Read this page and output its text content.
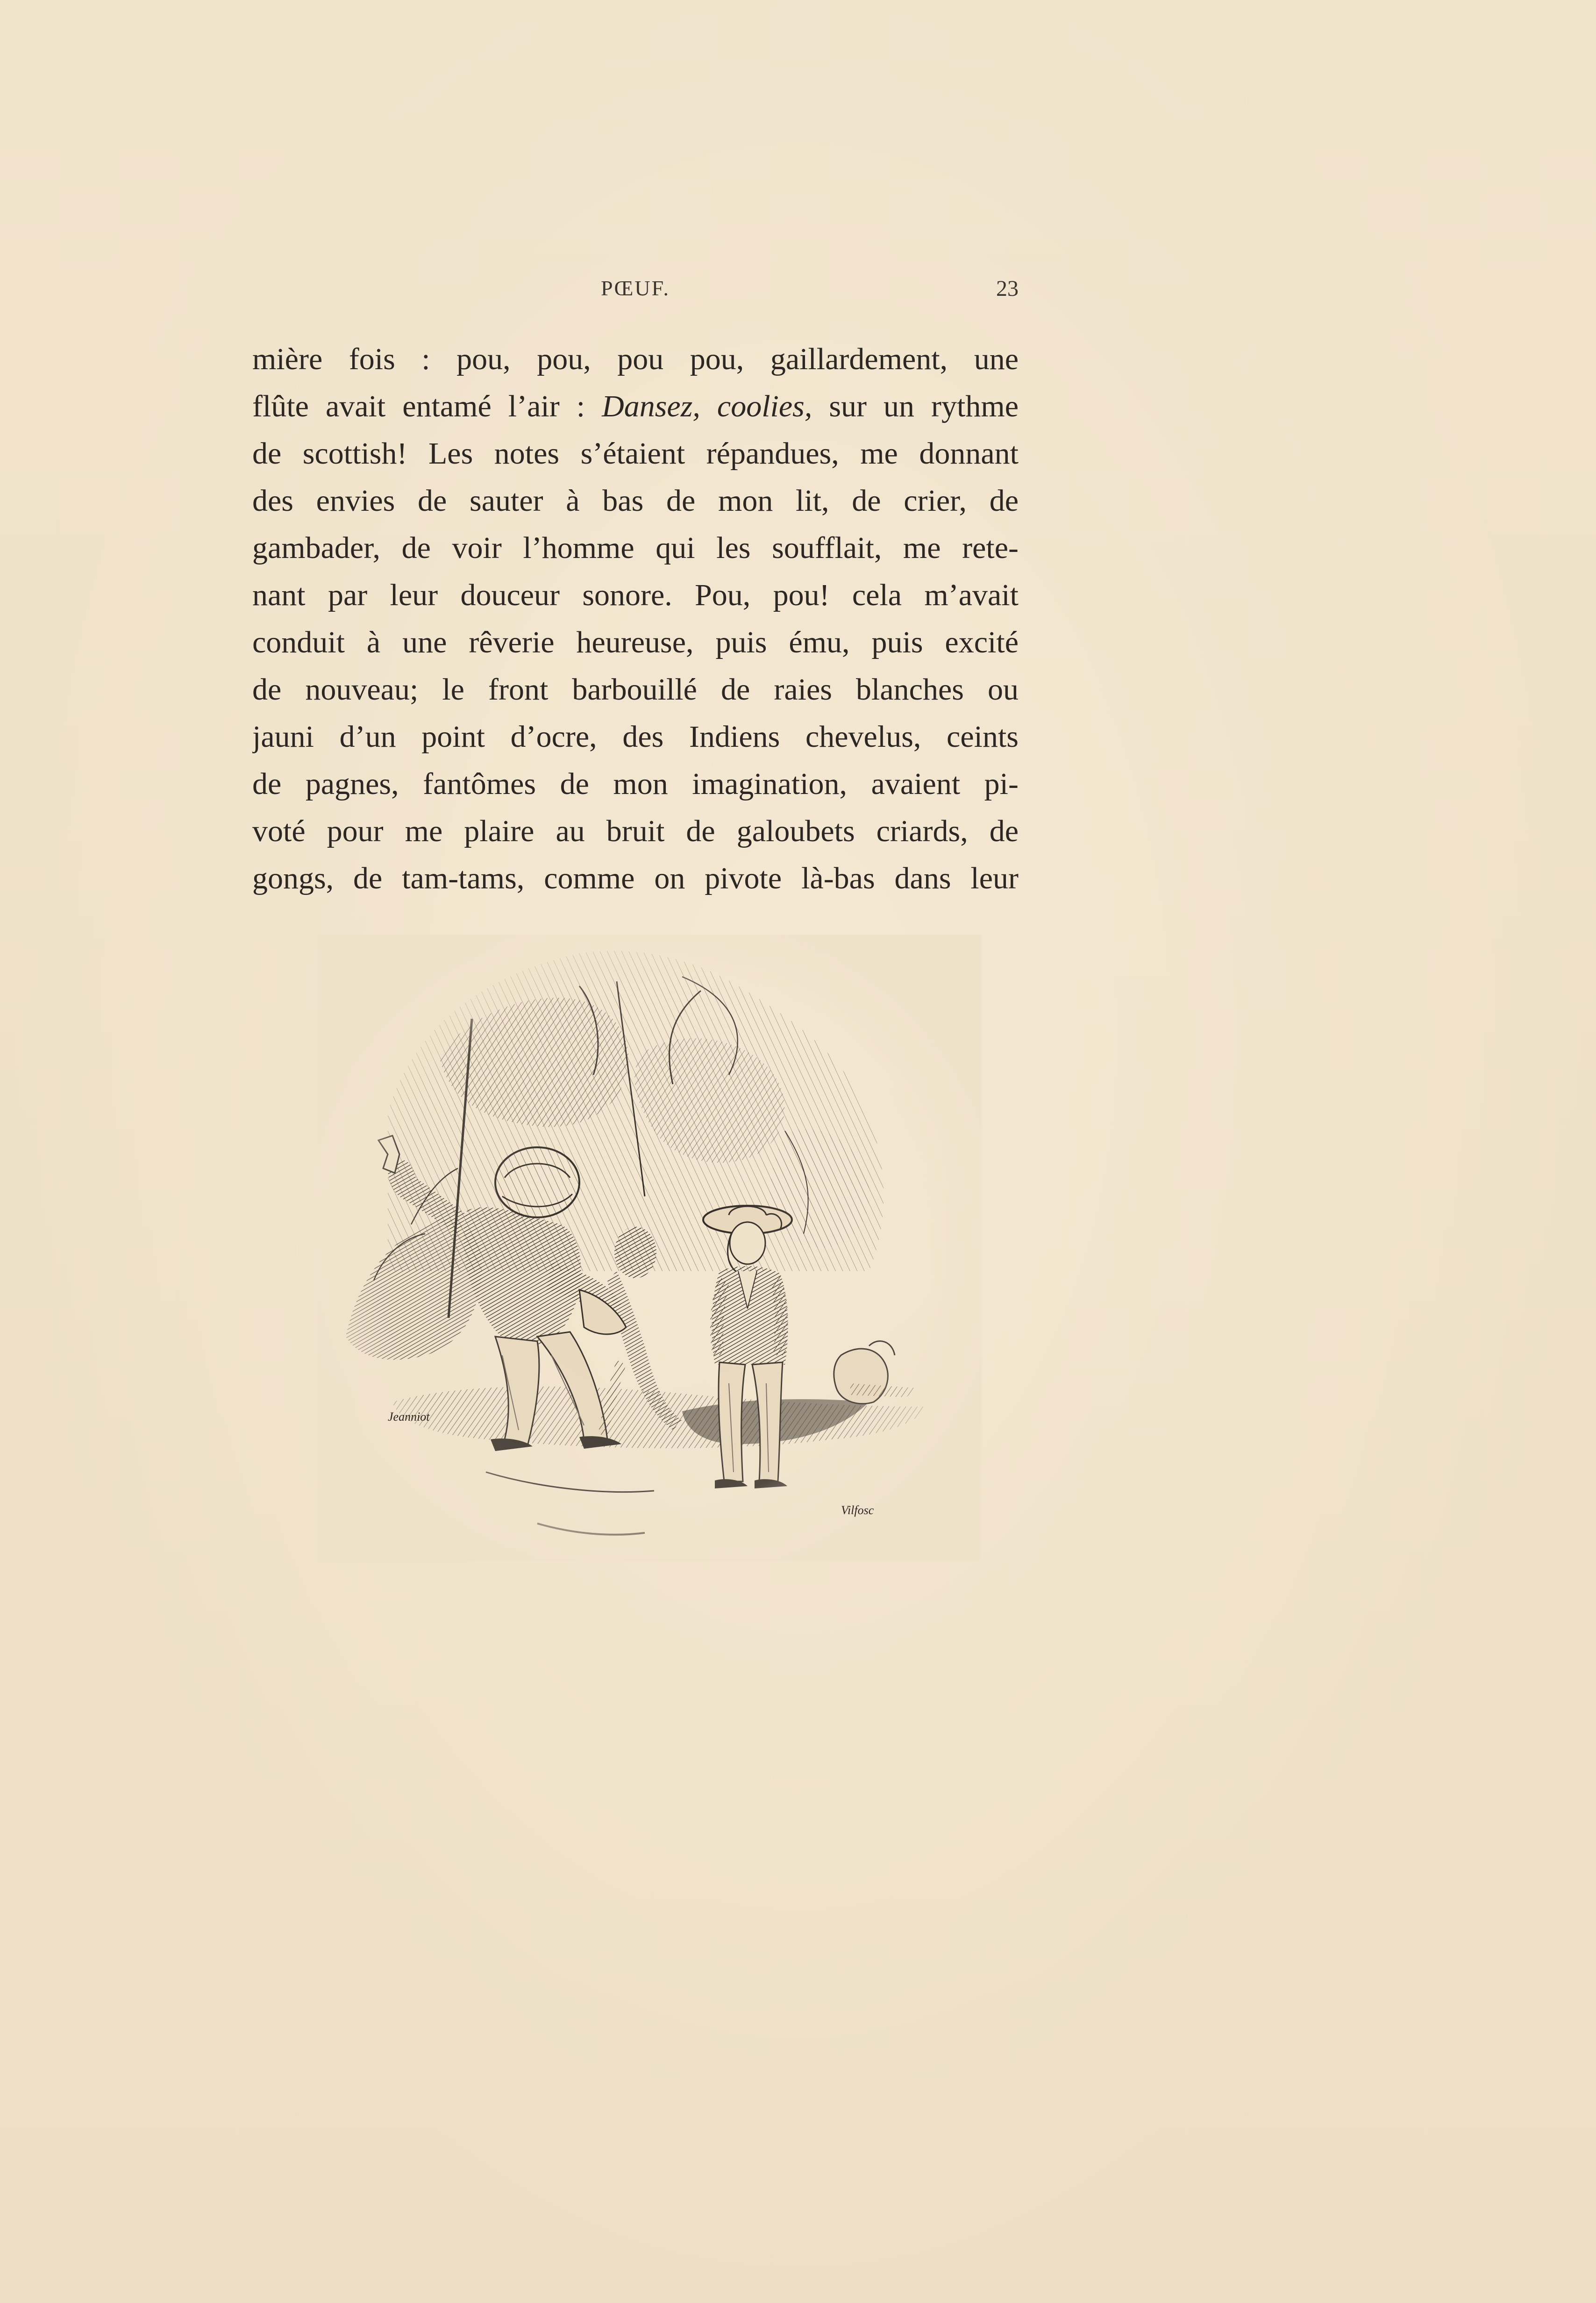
PŒUF.	23
mière fois : pou, pou, pou pou, gaillardement, une
flûte avait entamé l’air : Dansez, coolies, sur un rythme
de scottish! Les notes s’étaient répandues, me donnant
des envies de sauter à bas de mon lit, de crier, de
gambader, de voir l’homme qui les soufflait, me rete-
nant par leur douceur sonore. Pou, pou! cela m’avait
conduit à une rêverie heureuse, puis ému, puis excité
de nouveau; le front barbouillé de raies blanches ou
jauni d’un point d’ocre, des Indiens chevelus, ceints
de pagnes, fantômes de mon imagination, avaient pi-
voté pour me plaire au bruit de galoubets criards, de
gongs, de tam-tams, comme on pivote là-bas dans leur
Jeanniot
Vilfosc
